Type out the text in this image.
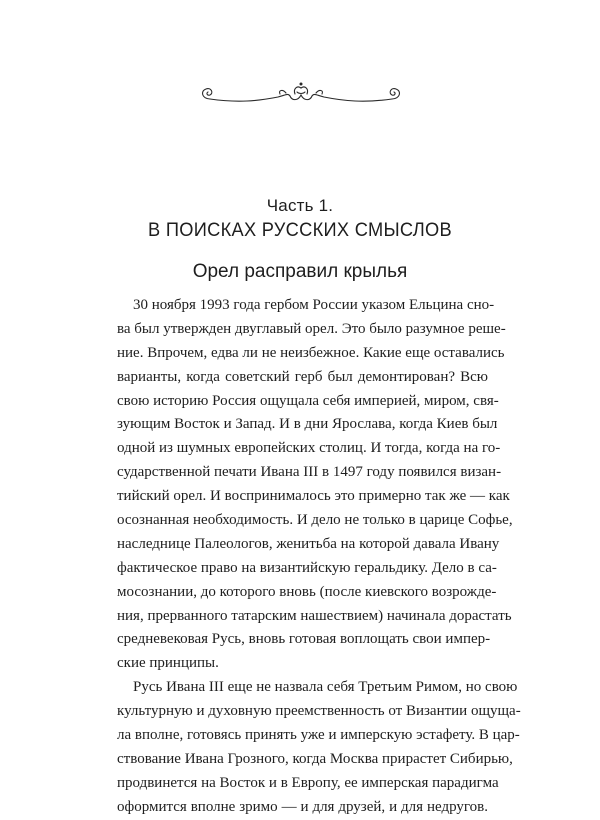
Часть 1.
В ПОИСКАХ РУССКИХ СМЫСЛОВ
Орел расправил крылья
30 ноября 1993 года гербом России указом Ельцина сно-
ва был утвержден двуглавый орел. Это было разумное реше-
ние. Впрочем, едва ли не неизбежное. Какие еще оставались
варианты, когда советский герб был демонтирован? Всю
свою историю Россия ощущала себя империей, миром, свя-
зующим Восток и Запад. И в дни Ярослава, когда Киев был
одной из шумных европейских столиц. И тогда, когда на го-
сударственной печати Ивана III в 1497 году появился визан-
тийский орел. И воспринималось это примерно так же — как
осознанная необходимость. И дело не только в царице Софье,
наследнице Палеологов, женитьба на которой давала Ивану
фактическое право на византийскую геральдику. Дело в са-
мосознании, до которого вновь (после киевского возрожде-
ния, прерванного татарским нашествием) начинала дорастать
средневековая Русь, вновь готовая воплощать свои импер-
ские принципы.
Русь Ивана III еще не назвала себя Третьим Римом, но свою
культурную и духовную преемственность от Византии ощуща-
ла вполне, готовясь принять уже и имперскую эстафету. В цар-
ствование Ивана Грозного, когда Москва прирастет Сибирью,
продвинется на Восток и в Европу, ее имперская парадигма
оформится вполне зримо — и для друзей, и для недругов.
